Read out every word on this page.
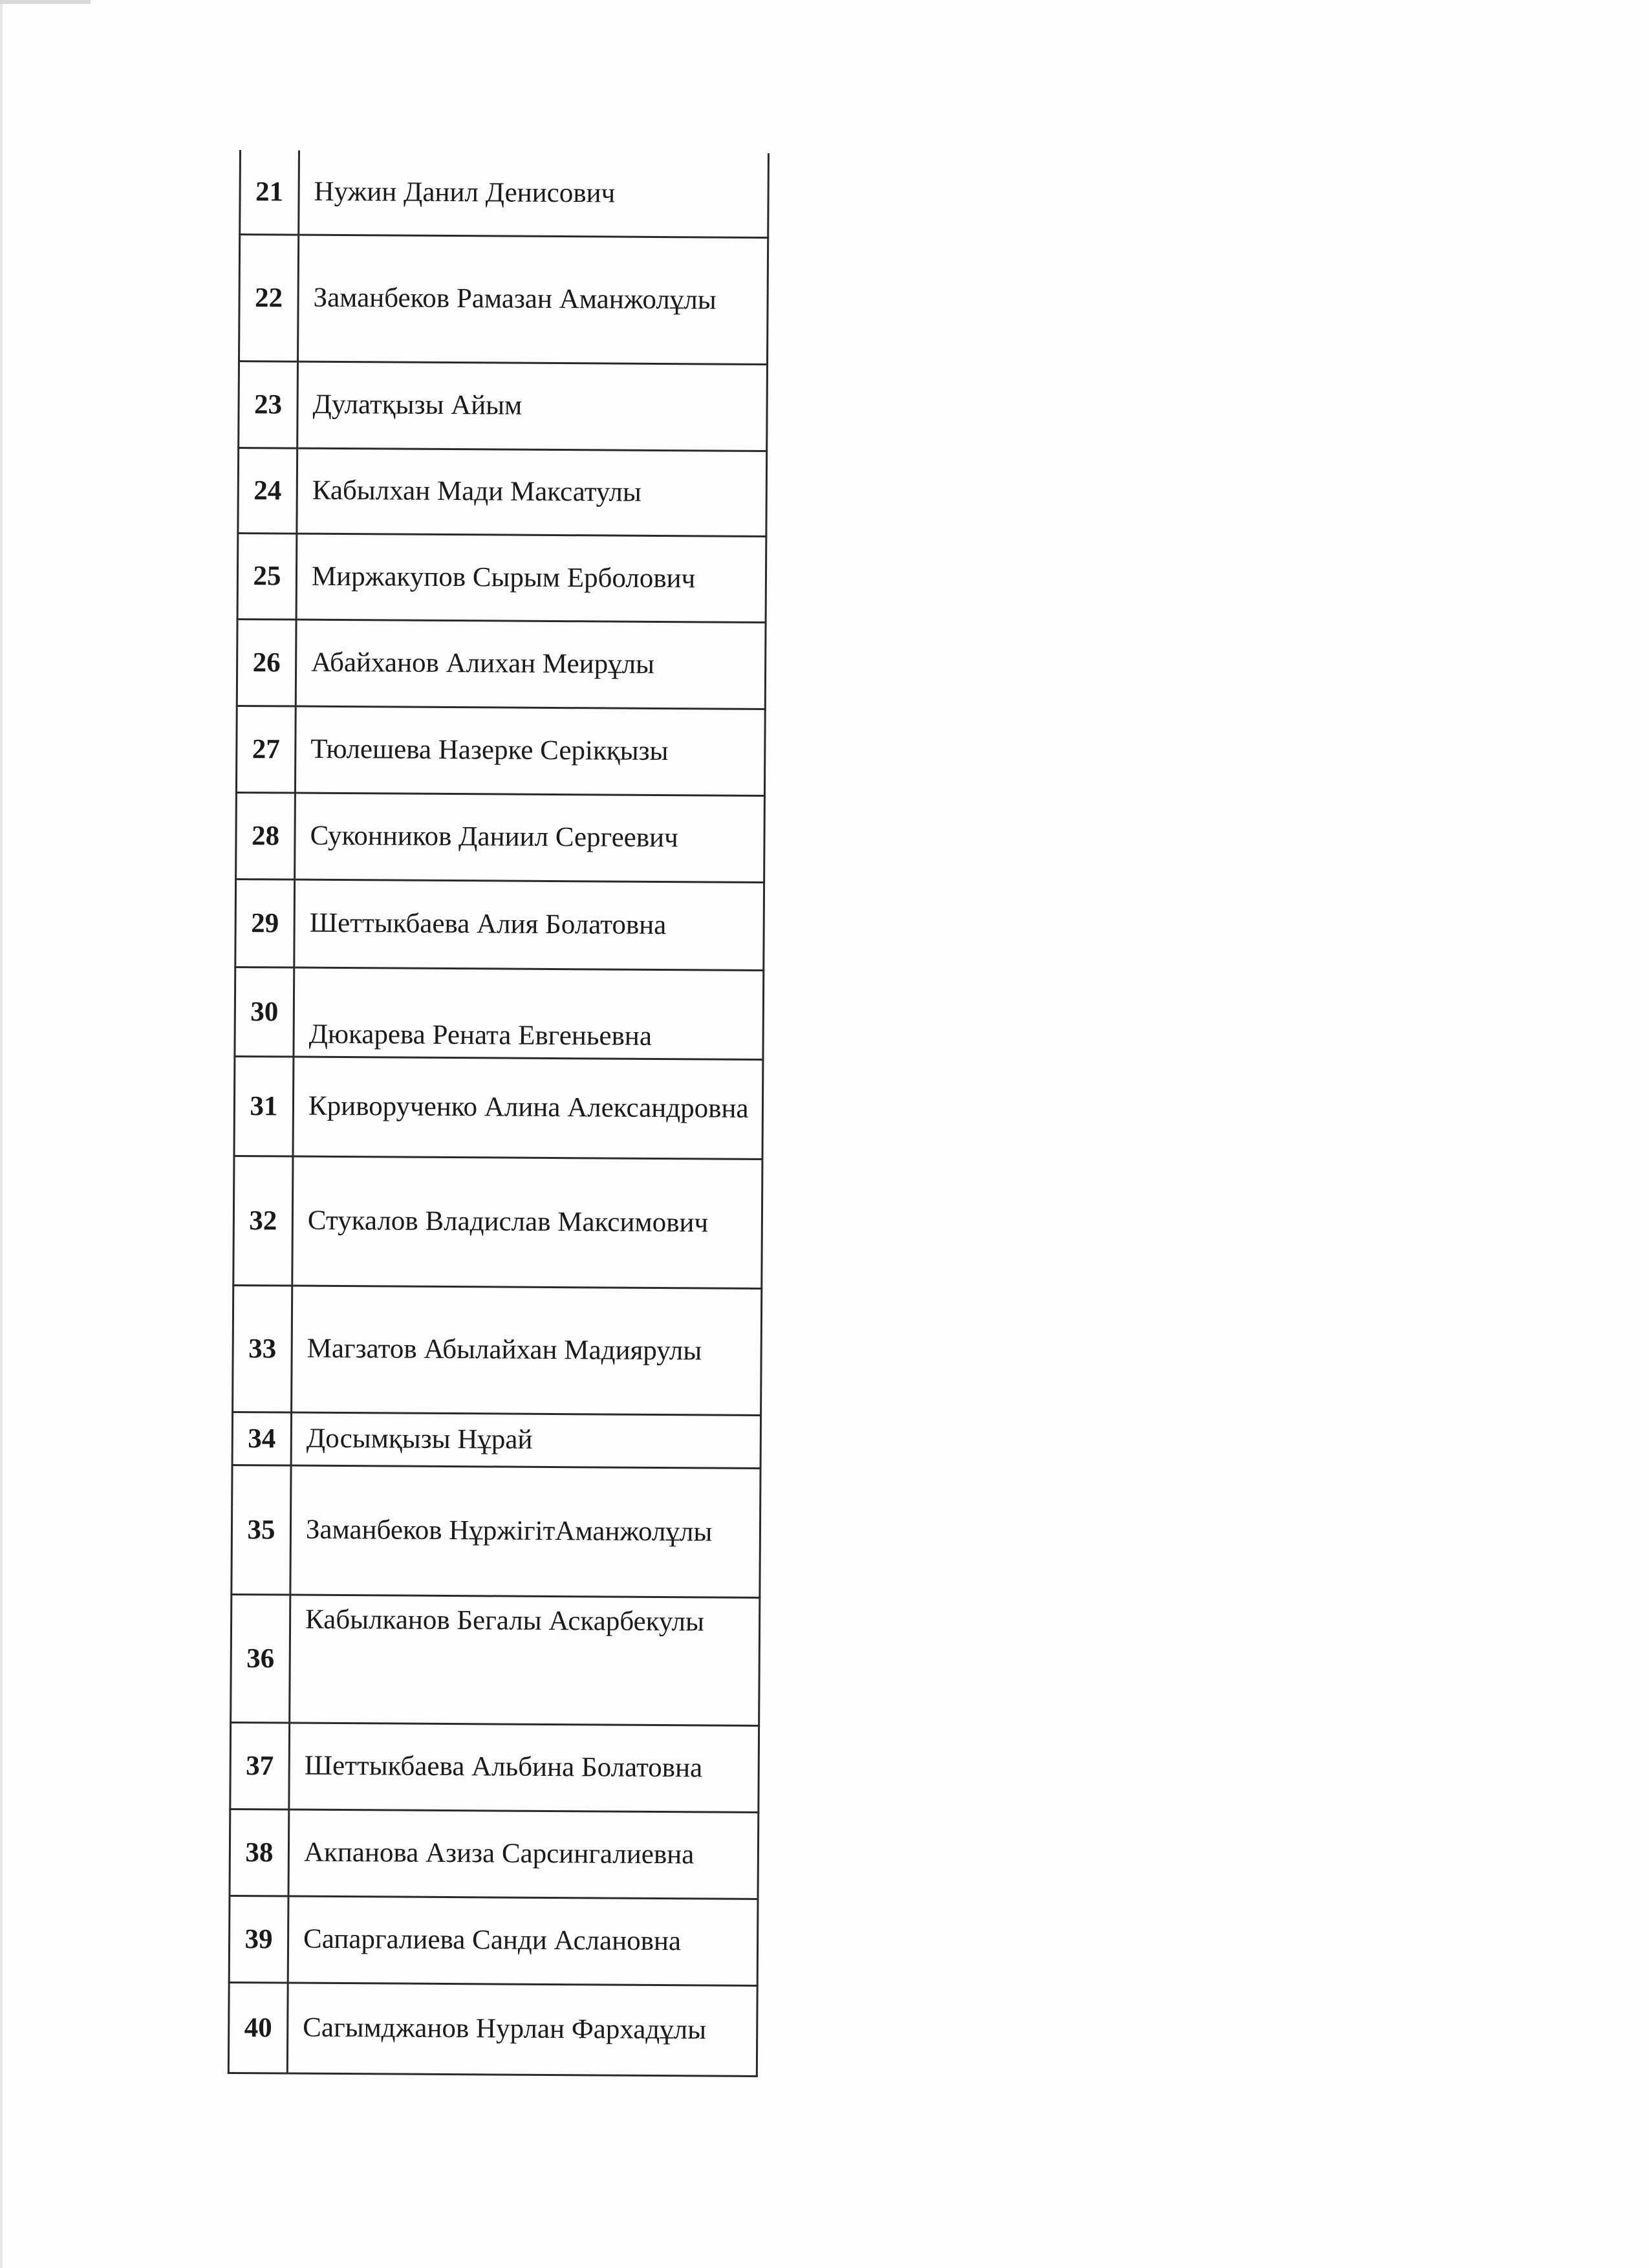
21	Нужин Данил Денисович
22	Заманбеков Рамазан Аманжолұлы
23	Дулатқызы Айым
24	Кабылхан Мади Максатулы
25	Миржакупов Сырым Ерболович
26	Абайханов Алихан Меирұлы
27	Тюлешева Назерке Серікқызы
28	Суконников Даниил Сергеевич
29	Шеттыкбаева Алия Болатовна
30	Дюкарева Рената Евгеньевна
31	Криворученко Алина Александровна
32	Стукалов Владислав Максимович
33	Магзатов Абылайхан Мадиярулы
34	Досымқызы Нұрай
35	Заманбеков НұржігітАманжолұлы
36	Кабылканов Бегалы Аскарбекулы
37	Шеттыкбаева Альбина Болатовна
38	Акпанова Азиза Сарсингалиевна
39	Сапаргалиева Санди Аслановна
40	Сагымджанов Нурлан Фархадұлы
